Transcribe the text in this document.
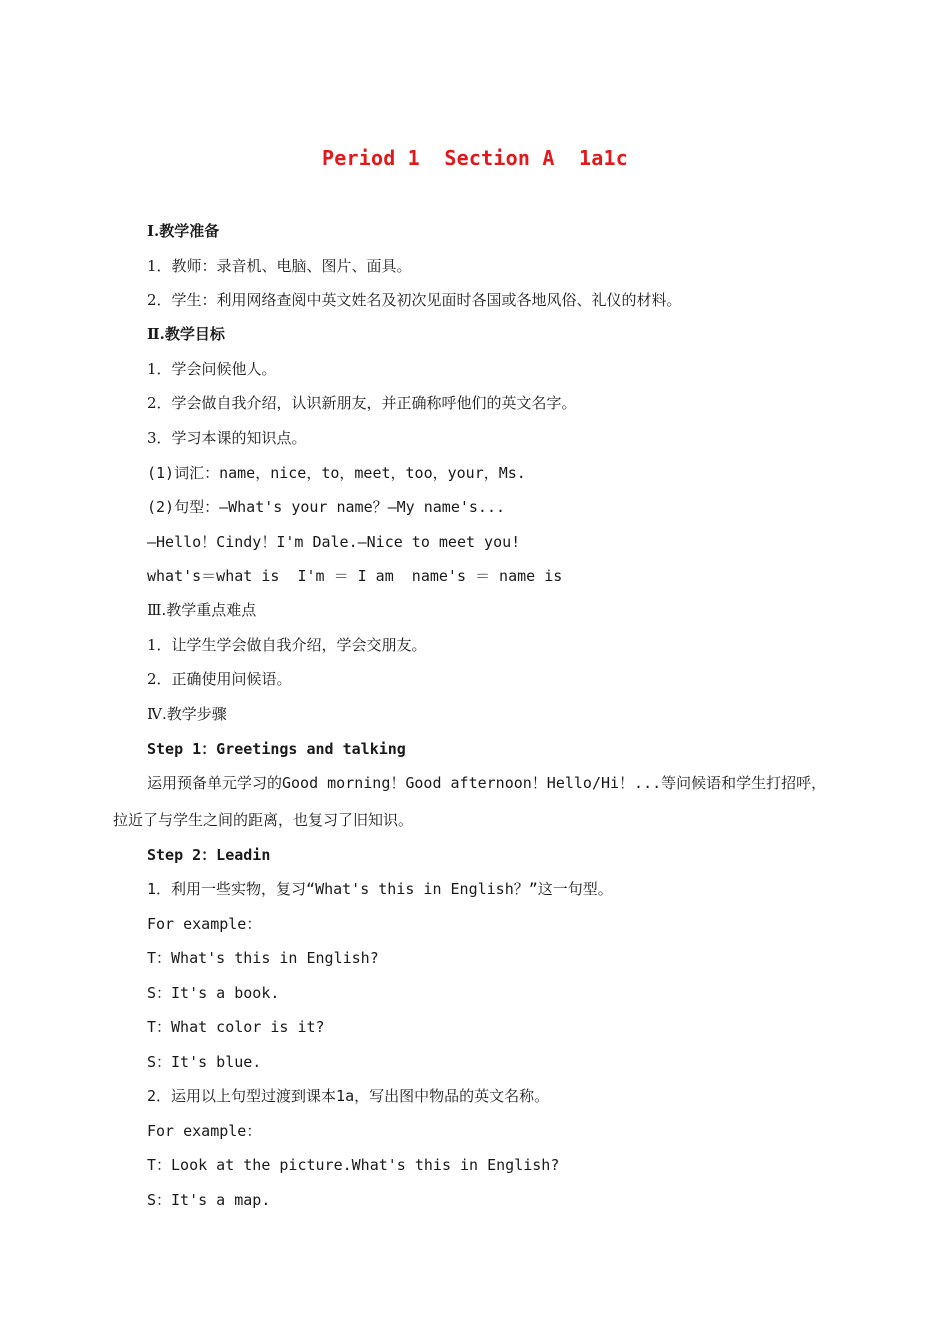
Period 1  Section A  1a1c
Ⅰ.教学准备
1．教师：录音机、电脑、图片、面具。
2．学生：利用网络查阅中英文姓名及初次见面时各国或各地风俗、礼仪的材料。
Ⅱ.教学目标
1．学会问候他人。
2．学会做自我介绍，认识新朋友，并正确称呼他们的英文名字。
3．学习本课的知识点。
(1)词汇：name，nice，to，meet，too，your，Ms.
(2)句型：—What's your name？—My name's...
—Hello！Cindy！I'm Dale.—Nice to meet you!
what's＝what is  I'm ＝ I am  name's ＝ name is
Ⅲ.教学重点难点
1．让学生学会做自我介绍，学会交朋友。
2．正确使用问候语。
Ⅳ.教学步骤
Step 1：Greetings and talking
运用预备单元学习的Good morning！Good afternoon！Hello/Hi！...等问候语和学生打招呼，
拉近了与学生之间的距离，也复习了旧知识。
Step 2：Leadin
1．利用一些实物，复习“What's this in English？”这一句型。
For example：
T：What's this in English?
S：It's a book.
T：What color is it?
S：It's blue.
2．运用以上句型过渡到课本1a，写出图中物品的英文名称。
For example：
T：Look at the picture.What's this in English?
S：It's a map.
